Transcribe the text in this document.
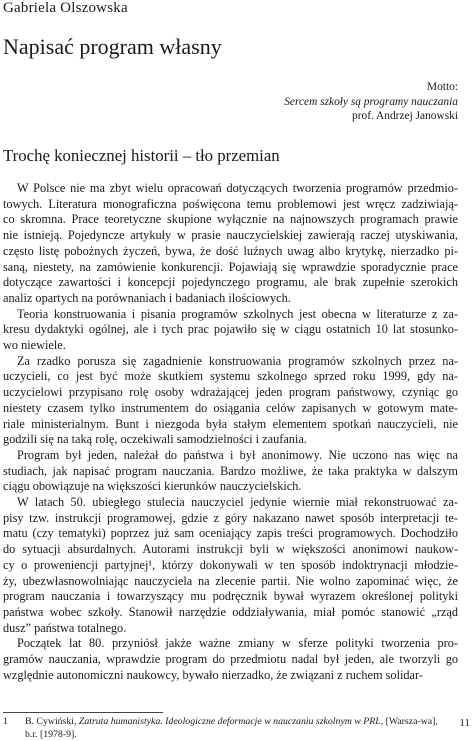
Gabriela Olszowska
Napisać program własny
Motto:
Sercem szkoły są programy nauczania
prof. Andrzej Janowski
Trochę koniecznej historii – tło przemian

W Polsce nie ma zbyt wielu opracowań dotyczących tworzenia programów przedmio-
towych. Literatura monograficzna poświęcona temu problemowi jest wręcz zadziwiają-
co skromna. Prace teoretyczne skupione wyłącznie na najnowszych programach prawie
nie istnieją. Pojedyncze artykuły w prasie nauczycielskiej zawierają raczej utyskiwania,
często listę pobożnych życzeń, bywa, że dość luźnych uwag albo krytykę, nierzadko pi-
saną, niestety, na zamówienie konkurencji. Pojawiają się wprawdzie sporadycznie prace
dotyczące zawartości i koncepcji pojedynczego programu, ale brak zupełnie szerokich
analiz opartych na porównaniach i badaniach ilościowych.

Teoria konstruowania i pisania programów szkolnych jest obecna w literaturze z za-
kresu dydaktyki ogólnej, ale i tych prac pojawiło się w ciągu ostatnich 10 lat stosunko-
wo niewiele.

Za rzadko porusza się zagadnienie konstruowania programów szkolnych przez na-
uczycieli, co jest być może skutkiem systemu szkolnego sprzed roku 1999, gdy na-
uczycielowi przypisano rolę osoby wdrażającej jeden program państwowy, czyniąc go
niestety czasem tylko instrumentem do osiągania celów zapisanych w gotowym mate-
riale ministerialnym. Bunt i niezgoda była stałym elementem spotkań nauczycieli, nie
godzili się na taką rolę, oczekiwali samodzielności i zaufania.

Program był jeden, należał do państwa i był anonimowy. Nie uczono nas więc na
studiach, jak napisać program nauczania. Bardzo możliwe, że taka praktyka w dalszym
ciągu obowiązuje na większości kierunków nauczycielskich.

W latach 50. ubiegłego stulecia nauczyciel jedynie wiernie miał rekonstruować za-
pisy tzw. instrukcji programowej, gdzie z góry nakazano nawet sposób interpretacji te-
matu (czy tematyki) poprzez już sam oceniający zapis treści programowych. Dochodziło
do sytuacji absurdalnych. Autorami instrukcji byli w większości anonimowi naukow-
cy o proweniencji partyjnej¹, którzy dokonywali w ten sposób indoktrynacji młodzie-
ży, ubezwłasnowolniając nauczyciela na zlecenie partii. Nie wolno zapominać więc, że
program nauczania i towarzyszący mu podręcznik bywał wyrazem określonej polityki
państwa wobec szkoły. Stanowił narzędzie oddziaływania, miał pomóc stanowić „rząd
dusz” państwa totalnego.

Początek lat 80. przyniósł jakże ważne zmiany w sferze polityki tworzenia pro-
gramów nauczania, wprawdzie program do przedmiotu nadal był jeden, ale tworzyli go
względnie autonomiczni naukowcy, bywało nierzadko, że związani z ruchem solidar-

1 B. Cywiński, Zatruta humanistyka. Ideologiczne deformacje w nauczaniu szkolnym w PRL, [Warsza-wa], b.r. [1978-9].
11
